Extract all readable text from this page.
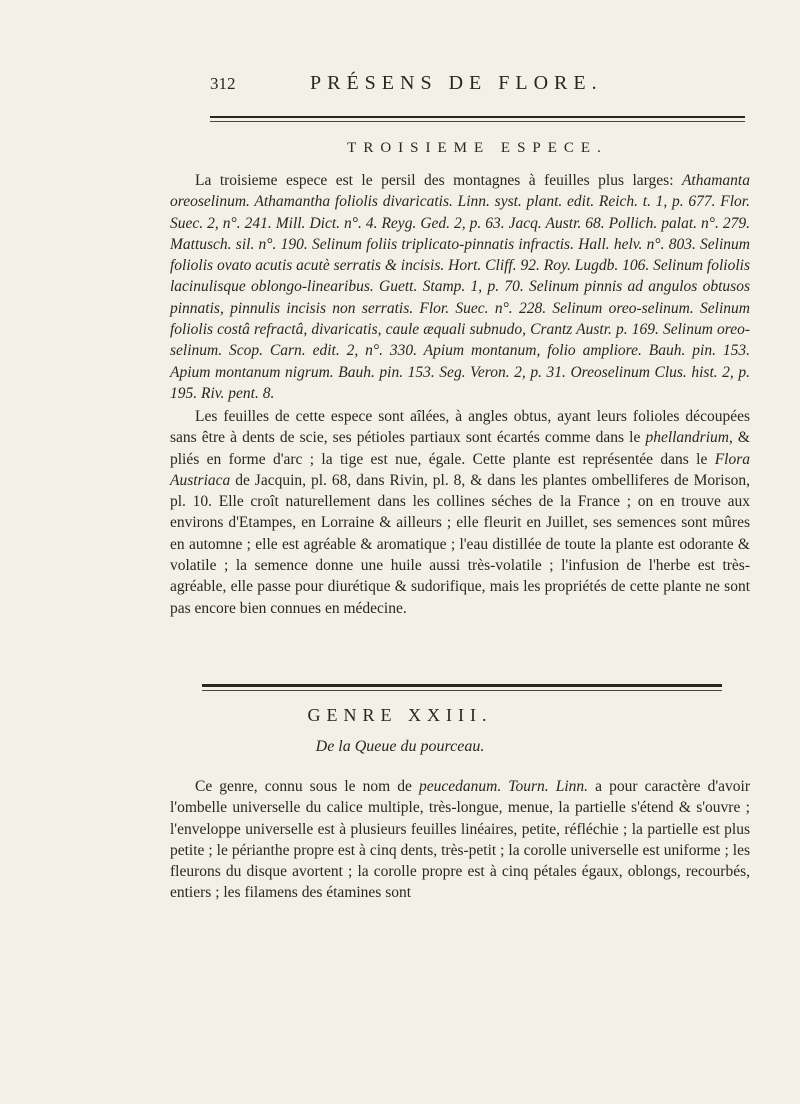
312	PRÉSENS DE FLORE.
TROISIEME ESPECE.

La troisieme espece est le persil des montagnes à feuilles plus larges: Athamanta oreoselinum. Athamantha foliolis divaricatis. Linn. syst. plant. edit. Reich. t. 1, p. 677. Flor. Suec. 2, n°. 241. Mill. Dict. n°. 4. Reyg. Ged. 2, p. 63. Jacq. Austr. 68. Pollich. palat. n°. 279. Mattusch. sil. n°. 190. Selinum foliis triplicato-pinnatis infractis. Hall. helv. n°. 803. Selinum foliolis ovato acutis acutè serratis & incisis. Hort. Cliff. 92. Roy. Lugdb. 106. Selinum foliolis lacinulisque oblongo-linearibus. Guett. Stamp. 1, p. 70. Selinum pinnis ad angulos obtusos pinnatis, pinnulis incisis non serratis. Flor. Suec. n°. 228. Selinum oreo-selinum. Selinum foliolis costâ refractâ, divaricatis, caule æquali subnudo, Crantz Austr. p. 169. Selinum oreo-selinum. Scop. Carn. edit. 2, n°. 330. Apium montanum, folio ampliore. Bauh. pin. 153. Apium montanum nigrum. Bauh. pin. 153. Seg. Veron. 2, p. 31. Oreoselinum Clus. hist. 2, p. 195. Riv. pent. 8.

Les feuilles de cette espece sont aîlées, à angles obtus, ayant leurs folioles découpées sans être à dents de scie, ses pétioles partiaux sont écartés comme dans le phellandrium, & pliés en forme d'arc ; la tige est nue, égale. Cette plante est représentée dans le Flora Austriaca de Jacquin, pl. 68, dans Rivin, pl. 8, & dans les plantes ombelliferes de Morison, pl. 10. Elle croît naturellement dans les collines séches de la France ; on en trouve aux environs d'Etampes, en Lorraine & ailleurs ; elle fleurit en Juillet, ses semences sont mûres en automne ; elle est agréable & aromatique ; l'eau distillée de toute la plante est odorante & volatile ; la semence donne une huile aussi très-volatile ; l'infusion de l'herbe est très-agréable, elle passe pour diurétique & sudorifique, mais les propriétés de cette plante ne sont pas encore bien connues en médecine.

GENRE XXIII.
De la Queue du pourceau.

Ce genre, connu sous le nom de peucedanum. Tourn. Linn. a pour caractère d'avoir l'ombelle universelle du calice multiple, très-longue, menue, la partielle s'étend & s'ouvre ; l'enveloppe universelle est à plusieurs feuilles linéaires, petite, réfléchie ; la partielle est plus petite ; le périanthe propre est à cinq dents, très-petit ; la corolle universelle est uniforme ; les fleurons du disque avortent ; la corolle propre est à cinq pétales égaux, oblongs, recourbés, entiers ; les filamens des étamines sont
